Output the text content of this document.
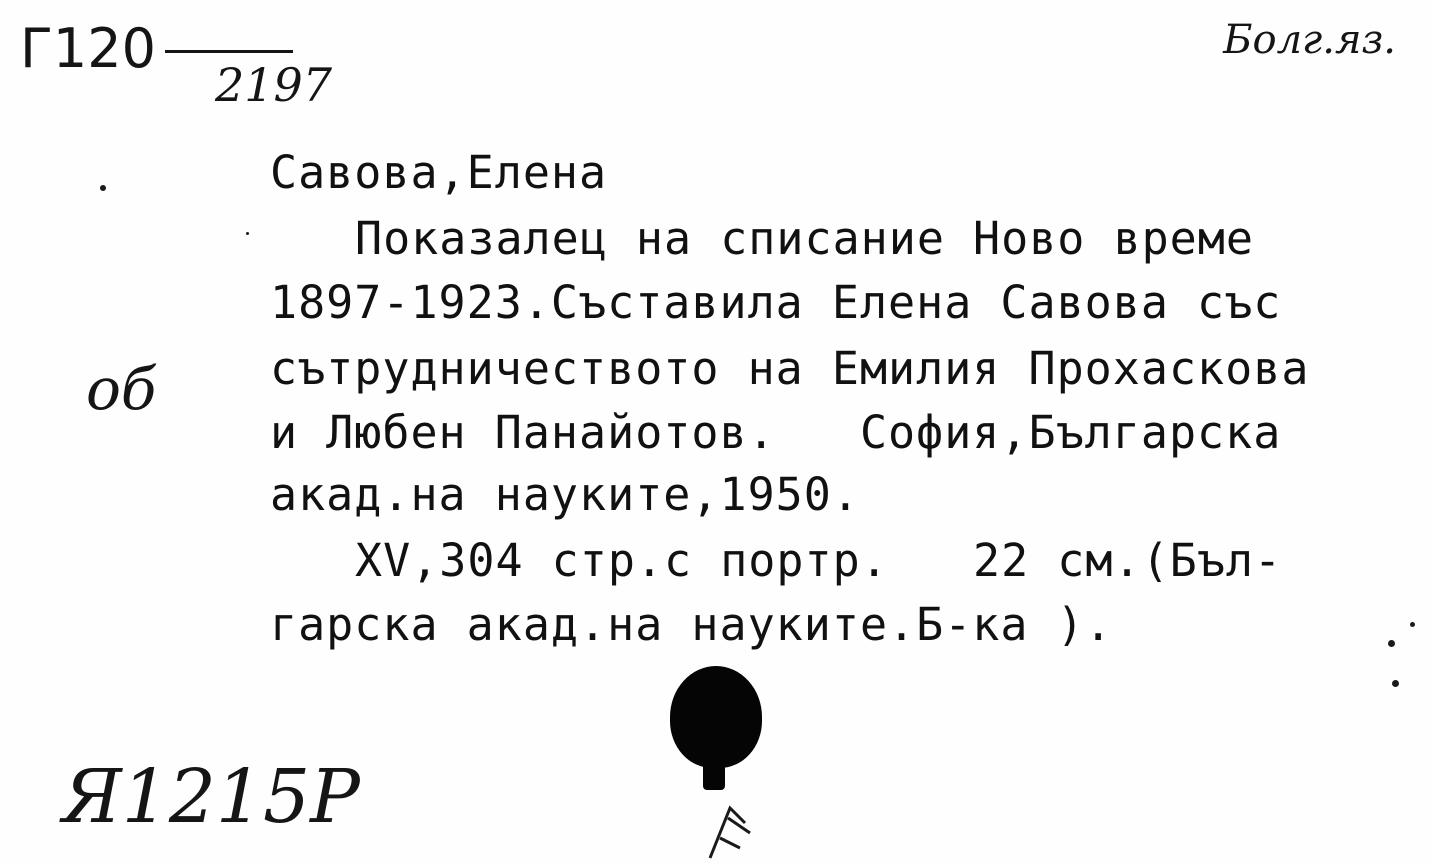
Г120
2197
Болг.яз.
Савова,Елена
Показалец на списание Ново време
1897-1923.Съставила Елена Савова със
сътрудничеството на Емилия Прохаскова
и Любен Панайотов.   София,Българска
акад.на науките,1950.
XV,304 стр.с портр.   22 см.(Бъл-
гарска акад.на науките.Б-ка ).
об
Я1215Р
